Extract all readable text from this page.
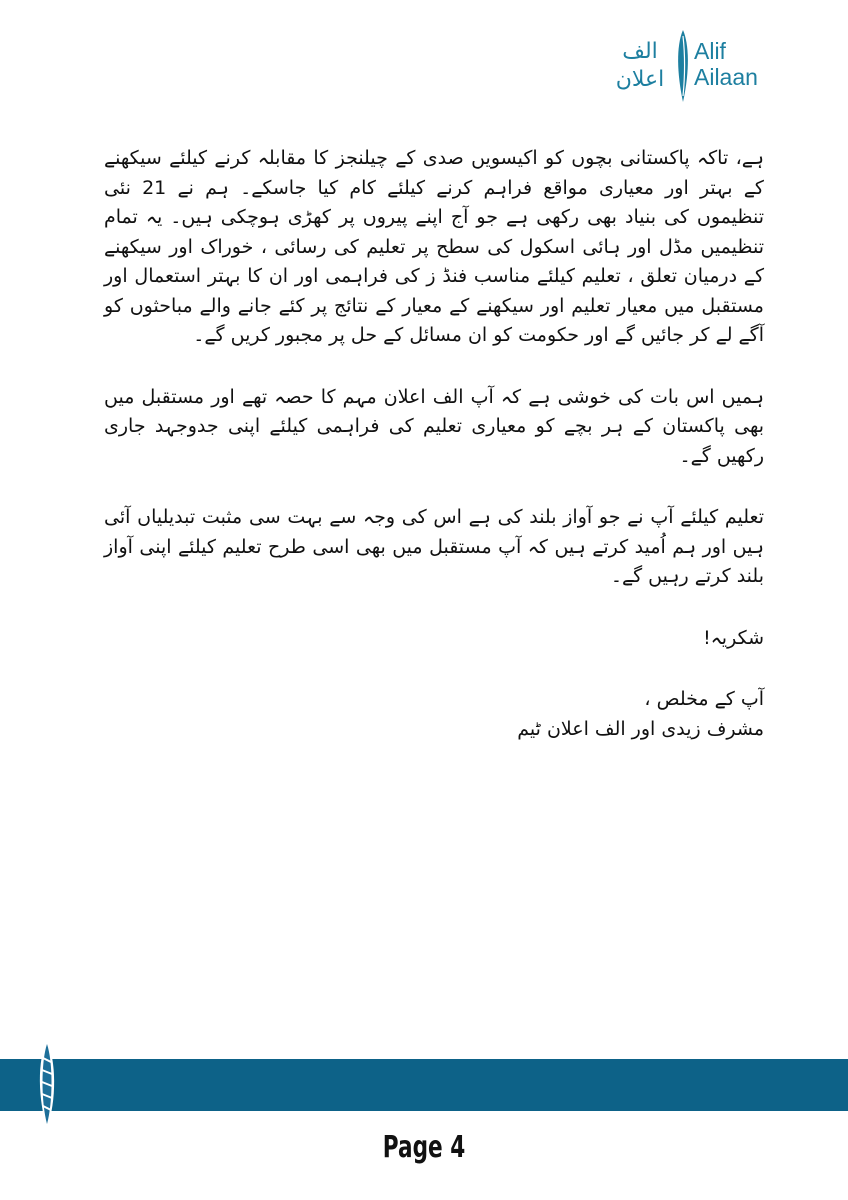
الف
اعلان
Alif
Ailaan

ہے، تاکہ پاکستانی بچوں کو اکیسویں صدی کے چیلنجز کا مقابلہ کرنے کیلئے سیکھنے کے بہتر اور معیاری مواقع فراہم کرنے کیلئے کام کیا جاسکے۔ ہم نے 21 نئی تنظیموں کی بنیاد بھی رکھی ہے جو آج اپنے پیروں پر کھڑی ہوچکی ہیں۔ یہ تمام تنظیمیں مڈل اور ہائی اسکول کی سطح پر تعلیم کی رسائی ، خوراک اور سیکھنے کے درمیان تعلق ، تعلیم کیلئے مناسب فنڈ ز کی فراہمی اور ان کا بہتر استعمال اور مستقبل میں معیار تعلیم اور سیکھنے کے معیار کے نتائج پر کئے جانے والے مباحثوں کو آگے لے کر جائیں گے اور حکومت کو ان مسائل کے حل پر مجبور کریں گے۔

ہمیں اس بات کی خوشی ہے کہ آپ الف اعلان مہم کا حصہ تھے اور مستقبل میں بھی پاکستان کے ہر بچے کو معیاری تعلیم کی فراہمی کیلئے اپنی جدوجہد جاری رکھیں گے۔

تعلیم کیلئے آپ نے جو آواز بلند کی ہے اس کی وجہ سے بہت سی مثبت تبدیلیاں آئی ہیں اور ہم اُمید کرتے ہیں کہ آپ مستقبل میں بھی اسی طرح تعلیم کیلئے اپنی آواز بلند کرتے رہیں گے۔

شکریہ!

آپ کے مخلص ،

مشرف زیدی اور الف اعلان ٹیم

Page 4
